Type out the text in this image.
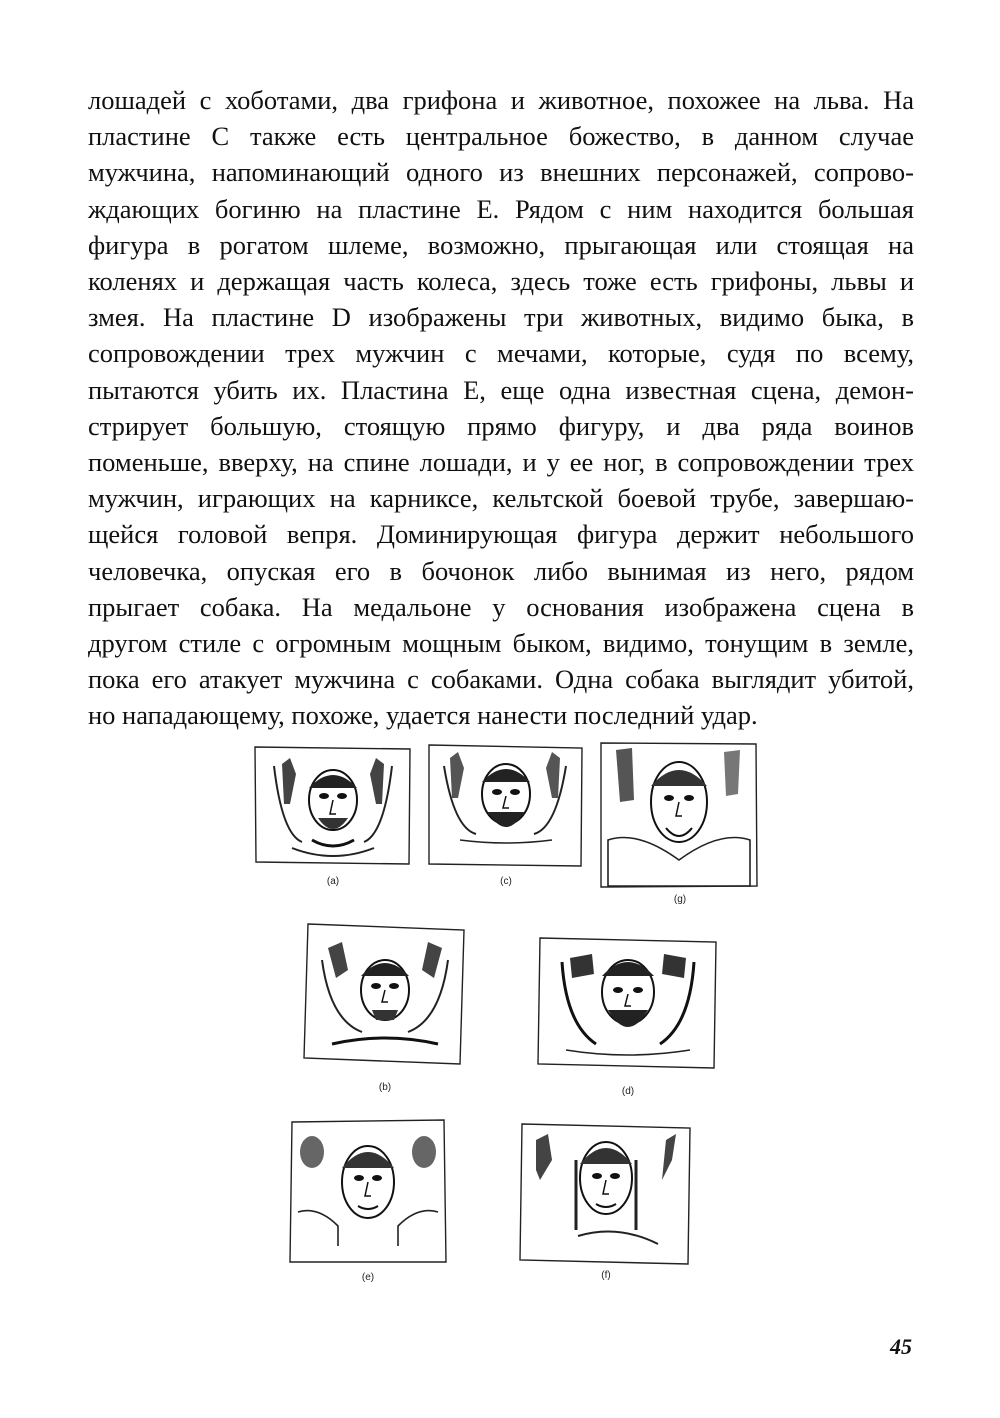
лошадей с хоботами, два грифона и животное, похожее на льва. На
пластине С также есть центральное божество, в данном случае
мужчина, напоминающий одного из внешних персонажей, сопрово-
ждающих богиню на пластине Е. Рядом с ним находится большая
фигура в рогатом шлеме, возможно, прыгающая или стоящая на
коленях и держащая часть колеса, здесь тоже есть грифоны, львы и
змея. На пластине D изображены три животных, видимо быка, в
сопровождении трех мужчин с мечами, которые, судя по всему,
пытаются убить их. Пластина Е, еще одна известная сцена, демон-
стрирует большую, стоящую прямо фигуру, и два ряда воинов
поменьше, вверху, на спине лошади, и у ее ног, в сопровождении трех
мужчин, играющих на карниксе, кельтской боевой трубе, завершаю-
щейся головой вепря. Доминирующая фигура держит небольшого
человечка, опуская его в бочонок либо вынимая из него, рядом
прыгает собака. На медальоне у основания изображена сцена в
другом стиле с огромным мощным быком, видимо, тонущим в земле,
пока его атакует мужчина с собаками. Одна собака выглядит убитой,
но нападающему, похоже, удается нанести последний удар.
(a)	(c)
(g)
(b)	(d)
(e)	(f)
45
